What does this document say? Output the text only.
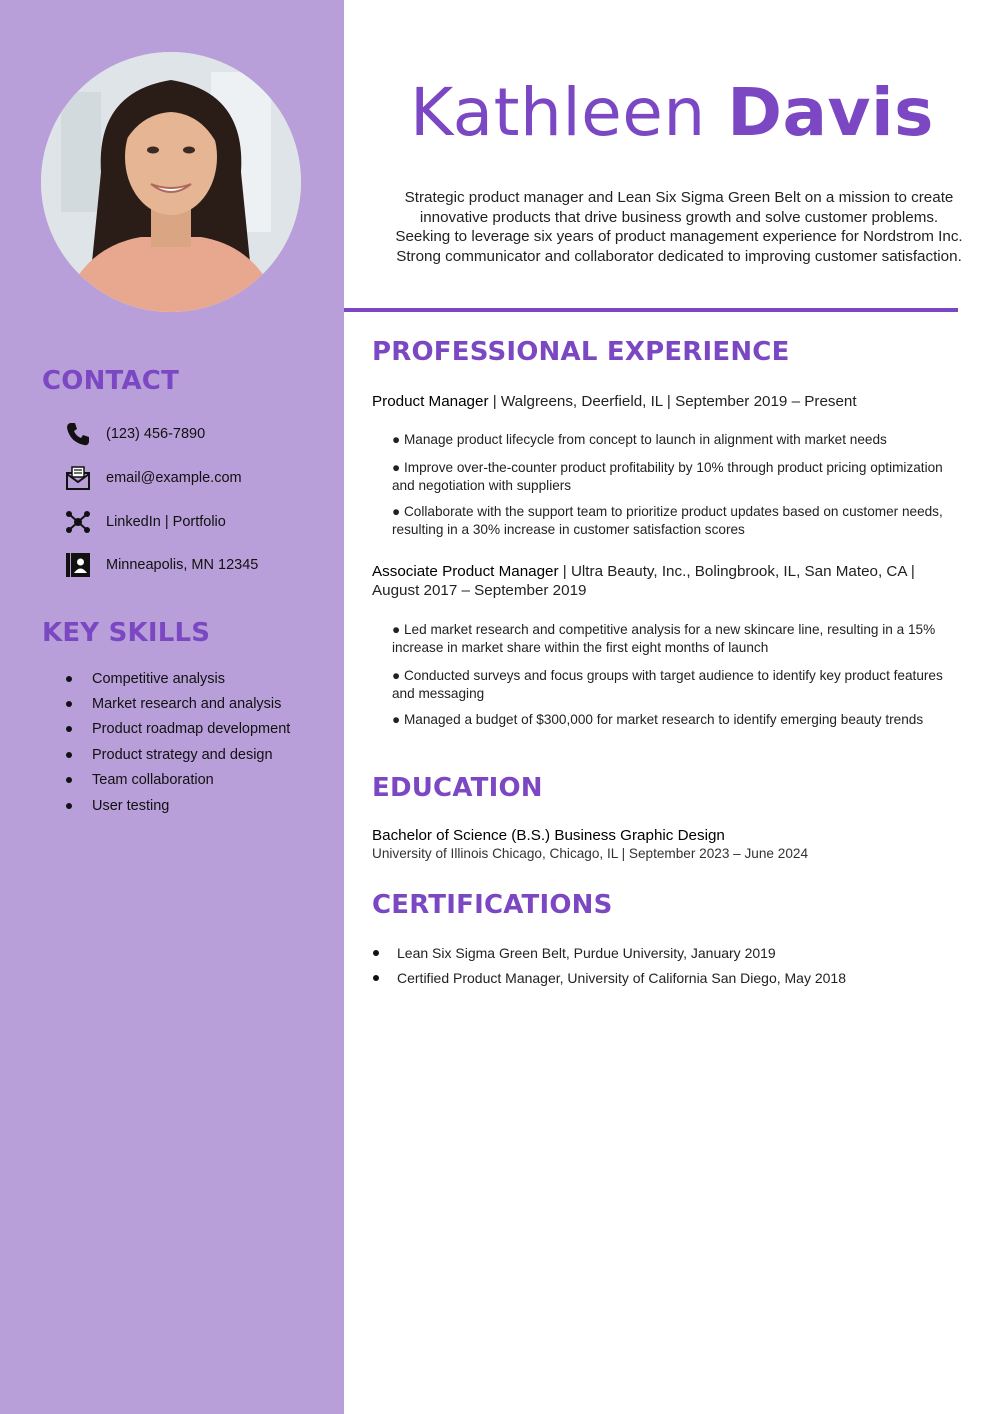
CONTACT
(123) 456-7890
email@example.com
LinkedIn | Portfolio
Minneapolis, MN 12345
KEY SKILLS
Competitive analysis
Market research and analysis
Product roadmap development
Product strategy and design
Team collaboration
User testing
Kathleen Davis
Strategic product manager and Lean Six Sigma Green Belt on a mission to create innovative products that drive business growth and solve customer problems. Seeking to leverage six years of product management experience for Nordstrom Inc. Strong communicator and collaborator dedicated to improving customer satisfaction.
PROFESSIONAL EXPERIENCE
Product Manager | Walgreens, Deerfield, IL | September 2019 – Present
● Manage product lifecycle from concept to launch in alignment with market needs
● Improve over-the-counter product profitability by 10% through product pricing optimization and negotiation with suppliers
● Collaborate with the support team to prioritize product updates based on customer needs, resulting in a 30% increase in customer satisfaction scores
Associate Product Manager | Ultra Beauty, Inc., Bolingbrook, IL, San Mateo, CA | August 2017 – September 2019
● Led market research and competitive analysis for a new skincare line, resulting in a 15% increase in market share within the first eight months of launch
● Conducted surveys and focus groups with target audience to identify key product features and messaging
● Managed a budget of $300,000 for market research to identify emerging beauty trends
EDUCATION
Bachelor of Science (B.S.) Business Graphic Design
University of Illinois Chicago, Chicago, IL | September 2023 – June 2024
CERTIFICATIONS
Lean Six Sigma Green Belt, Purdue University, January 2019
Certified Product Manager, University of California San Diego, May 2018
